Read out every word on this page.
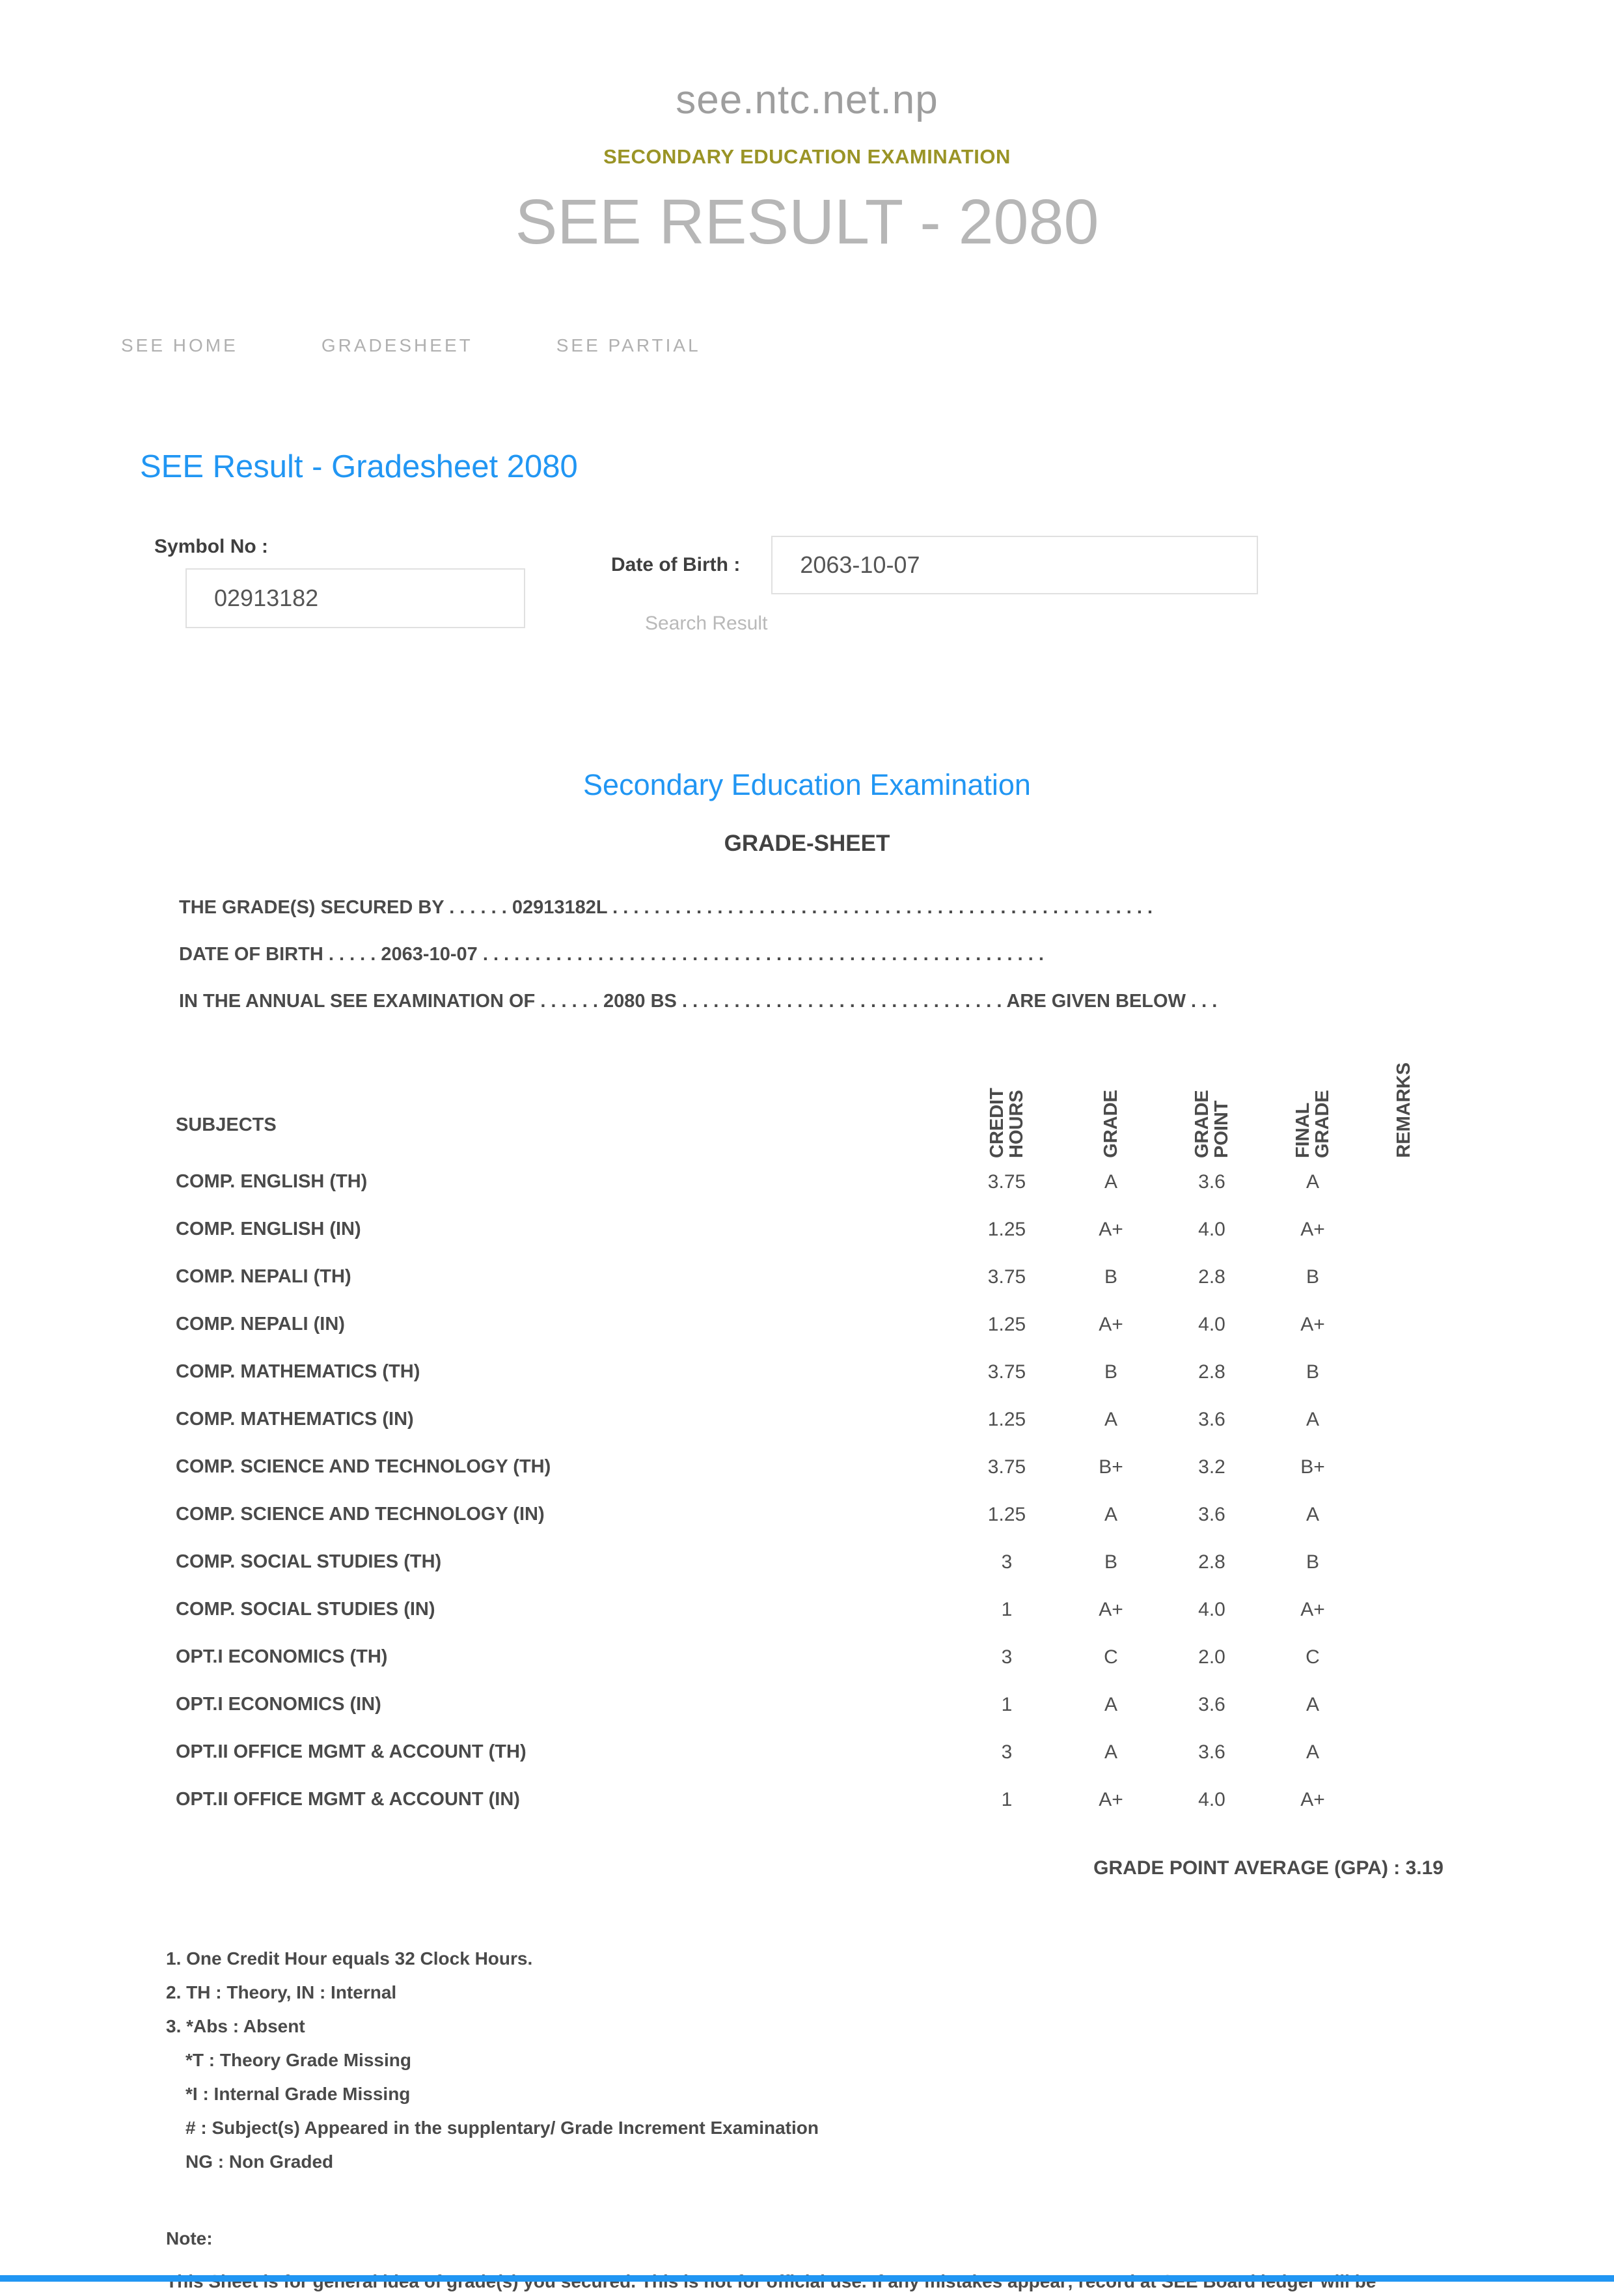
see.ntc.net.np
SECONDARY EDUCATION EXAMINATION
SEE RESULT - 2080
SEE HOME	GRADESHEET	SEE PARTIAL
SEE Result - Gradesheet 2080
Symbol No :
02913182
Date of Birth :
2063-10-07
Search Result
Secondary Education Examination
GRADE-SHEET
THE GRADE(S) SECURED BY . . . . . . 02913182L . . . . . . . . . . . . . . . . . . . . . . . . . . . . . . . . . . . . . . . . . . . . . . . . . . . .
DATE OF BIRTH . . . . . 2063-10-07 . . . . . . . . . . . . . . . . . . . . . . . . . . . . . . . . . . . . . . . . . . . . . . . . . . . . . .
IN THE ANNUAL SEE EXAMINATION OF . . . . . . 2080 BS . . . . . . . . . . . . . . . . . . . . . . . . . . . . . . . ARE GIVEN BELOW . . .
SUBJECTS	CREDIT HOURS	GRADE	GRADE POINT	FINAL GRADE	REMARKS
COMP. ENGLISH (TH)	3.75	A	3.6	A
COMP. ENGLISH (IN)	1.25	A+	4.0	A+
COMP. NEPALI (TH)	3.75	B	2.8	B
COMP. NEPALI (IN)	1.25	A+	4.0	A+
COMP. MATHEMATICS (TH)	3.75	B	2.8	B
COMP. MATHEMATICS (IN)	1.25	A	3.6	A
COMP. SCIENCE AND TECHNOLOGY (TH)	3.75	B+	3.2	B+
COMP. SCIENCE AND TECHNOLOGY (IN)	1.25	A	3.6	A
COMP. SOCIAL STUDIES (TH)	3	B	2.8	B
COMP. SOCIAL STUDIES (IN)	1	A+	4.0	A+
OPT.I ECONOMICS (TH)	3	C	2.0	C
OPT.I ECONOMICS (IN)	1	A	3.6	A
OPT.II OFFICE MGMT & ACCOUNT (TH)	3	A	3.6	A
OPT.II OFFICE MGMT & ACCOUNT (IN)	1	A+	4.0	A+
GRADE POINT AVERAGE (GPA) : 3.19
1. One Credit Hour equals 32 Clock Hours.
2. TH : Theory, IN : Internal
3. *Abs : Absent
*T : Theory Grade Missing
*I : Internal Grade Missing
# : Subject(s) Appeared in the supplentary/ Grade Increment Examination
NG : Non Graded
Note:
